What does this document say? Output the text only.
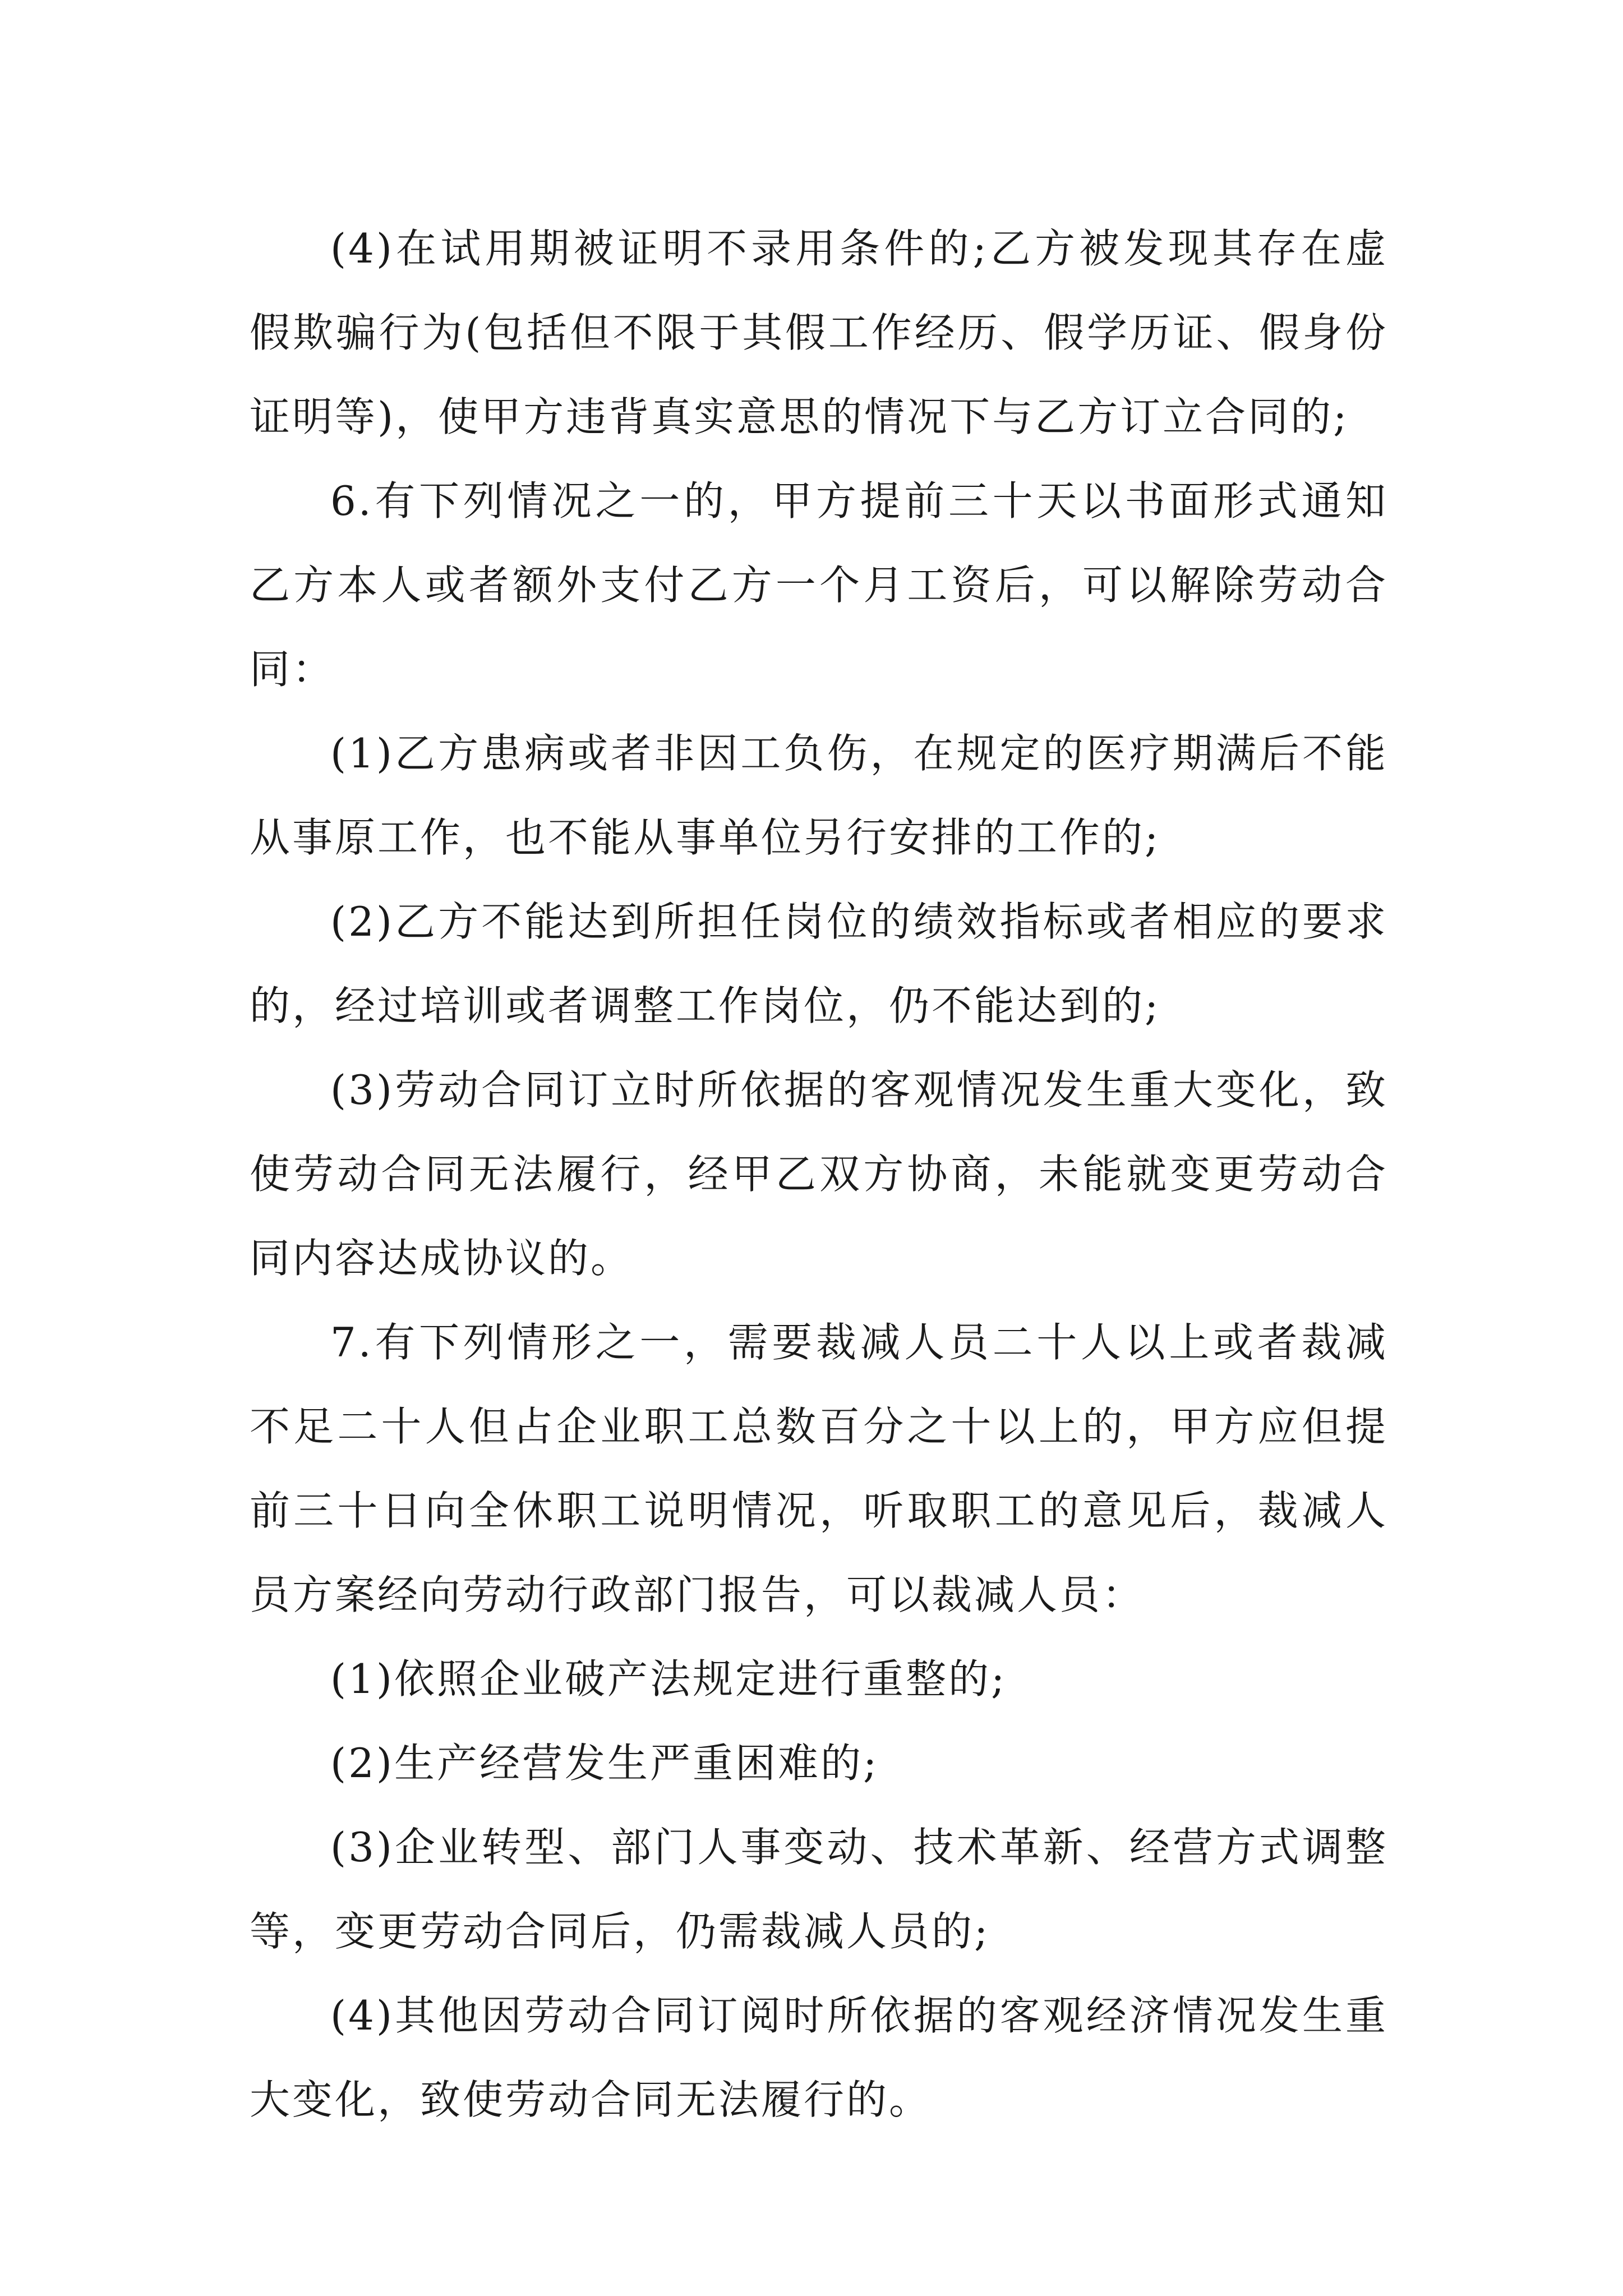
(4)在试用期被证明不录用条件的;乙方被发现其存在虚假欺骗行为(包括但不限于其假工作经历、假学历证、假身份证明等)，使甲方违背真实意思的情况下与乙方订立合同的;

6.有下列情况之一的，甲方提前三十天以书面形式通知乙方本人或者额外支付乙方一个月工资后，可以解除劳动合同：

(1)乙方患病或者非因工负伤，在规定的医疗期满后不能从事原工作，也不能从事单位另行安排的工作的;

(2)乙方不能达到所担任岗位的绩效指标或者相应的要求的，经过培训或者调整工作岗位，仍不能达到的;

(3)劳动合同订立时所依据的客观情况发生重大变化，致使劳动合同无法履行，经甲乙双方协商，未能就变更劳动合同内容达成协议的。

7.有下列情形之一，需要裁减人员二十人以上或者裁减不足二十人但占企业职工总数百分之十以上的，甲方应但提前三十日向全休职工说明情况，听取职工的意见后，裁减人员方案经向劳动行政部门报告，可以裁减人员：

(1)依照企业破产法规定进行重整的;

(2)生产经营发生严重困难的;

(3)企业转型、部门人事变动、技术革新、经营方式调整等，变更劳动合同后，仍需裁减人员的;

(4)其他因劳动合同订阅时所依据的客观经济情况发生重大变化，致使劳动合同无法履行的。
